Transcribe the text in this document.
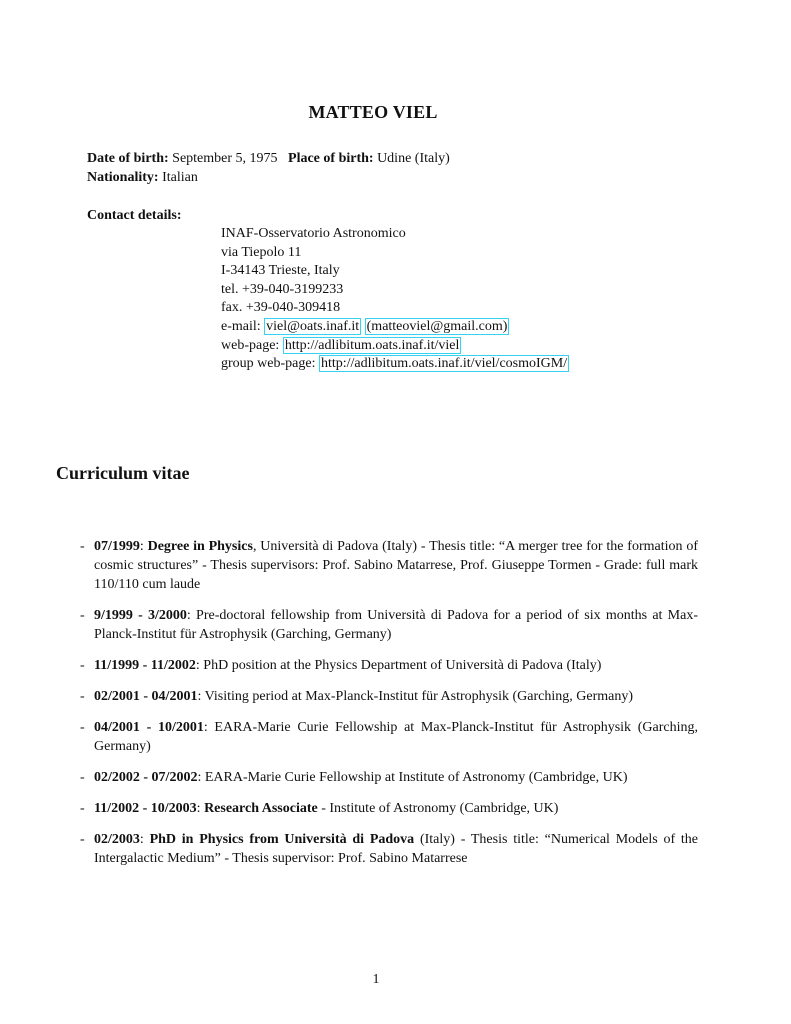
MATTEO VIEL
Date of birth: September 5, 1975 Place of birth: Udine (Italy)
Nationality: Italian
Contact details:
INAF-Osservatorio Astronomico
via Tiepolo 11
I-34143 Trieste, Italy
tel. +39-040-3199233
fax. +39-040-309418
e-mail: viel@oats.inaf.it (matteoviel@gmail.com)
web-page: http://adlibitum.oats.inaf.it/viel
group web-page: http://adlibitum.oats.inaf.it/viel/cosmoIGM/
Curriculum vitae
- 07/1999: Degree in Physics, Università di Padova (Italy) - Thesis title: “A merger tree for the formation of cosmic structures” - Thesis supervisors: Prof. Sabino Matarrese, Prof. Giuseppe Tormen - Grade: full mark 110/110 cum laude
- 9/1999 - 3/2000: Pre-doctoral fellowship from Università di Padova for a period of six months at Max-Planck-Institut für Astrophysik (Garching, Germany)
- 11/1999 - 11/2002: PhD position at the Physics Department of Università di Padova (Italy)
- 02/2001 - 04/2001: Visiting period at Max-Planck-Institut für Astrophysik (Garching, Germany)
- 04/2001 - 10/2001: EARA-Marie Curie Fellowship at Max-Planck-Institut für Astrophysik (Garching, Germany)
- 02/2002 - 07/2002: EARA-Marie Curie Fellowship at Institute of Astronomy (Cambridge, UK)
- 11/2002 - 10/2003: Research Associate - Institute of Astronomy (Cambridge, UK)
- 02/2003: PhD in Physics from Università di Padova (Italy) - Thesis title: “Numerical Models of the Intergalactic Medium” - Thesis supervisor: Prof. Sabino Matarrese
1
